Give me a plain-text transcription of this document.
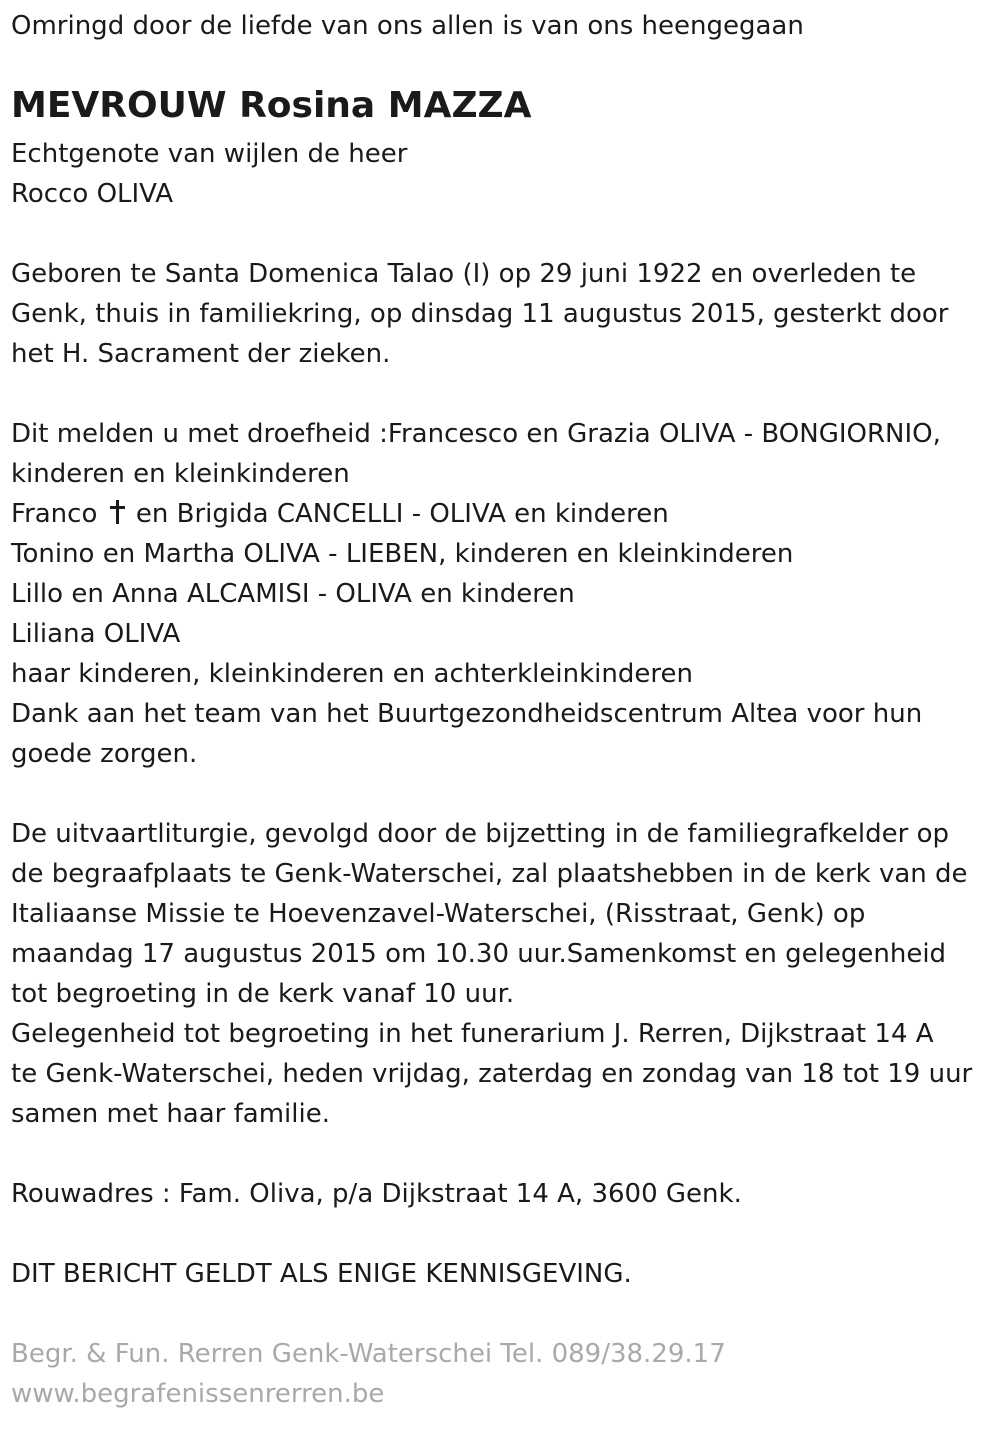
Omringd door de liefde van ons allen is van ons heengegaan
MEVROUW Rosina MAZZA
Echtgenote van wijlen de heer
Rocco OLIVA
Geboren te Santa Domenica Talao (I) op 29 juni 1922 en overleden te
Genk, thuis in familiekring, op dinsdag 11 augustus 2015, gesterkt door
het H. Sacrament der zieken.
Dit melden u met droefheid :Francesco en Grazia OLIVA - BONGIORNIO,
kinderen en kleinkinderen
Franco  en Brigida CANCELLI - OLIVA en kinderen
Tonino en Martha OLIVA - LIEBEN, kinderen en kleinkinderen
Lillo en Anna ALCAMISI - OLIVA en kinderen
Liliana OLIVA
haar kinderen, kleinkinderen en achterkleinkinderen
Dank aan het team van het Buurtgezondheidscentrum Altea voor hun
goede zorgen.
De uitvaartliturgie, gevolgd door de bijzetting in de familiegrafkelder op
de begraafplaats te Genk-Waterschei, zal plaatshebben in de kerk van de
Italiaanse Missie te Hoevenzavel-Waterschei, (Risstraat, Genk) op
maandag 17 augustus 2015 om 10.30 uur.Samenkomst en gelegenheid
tot begroeting in de kerk vanaf 10 uur.
Gelegenheid tot begroeting in het funerarium J. Rerren, Dijkstraat 14 A
te Genk-Waterschei, heden vrijdag, zaterdag en zondag van 18 tot 19 uur
samen met haar familie.
Rouwadres : Fam. Oliva, p/a Dijkstraat 14 A, 3600 Genk.
DIT BERICHT GELDT ALS ENIGE KENNISGEVING.
Begr. & Fun. Rerren Genk-Waterschei Tel. 089/38.29.17
www.begrafenissenrerren.be
